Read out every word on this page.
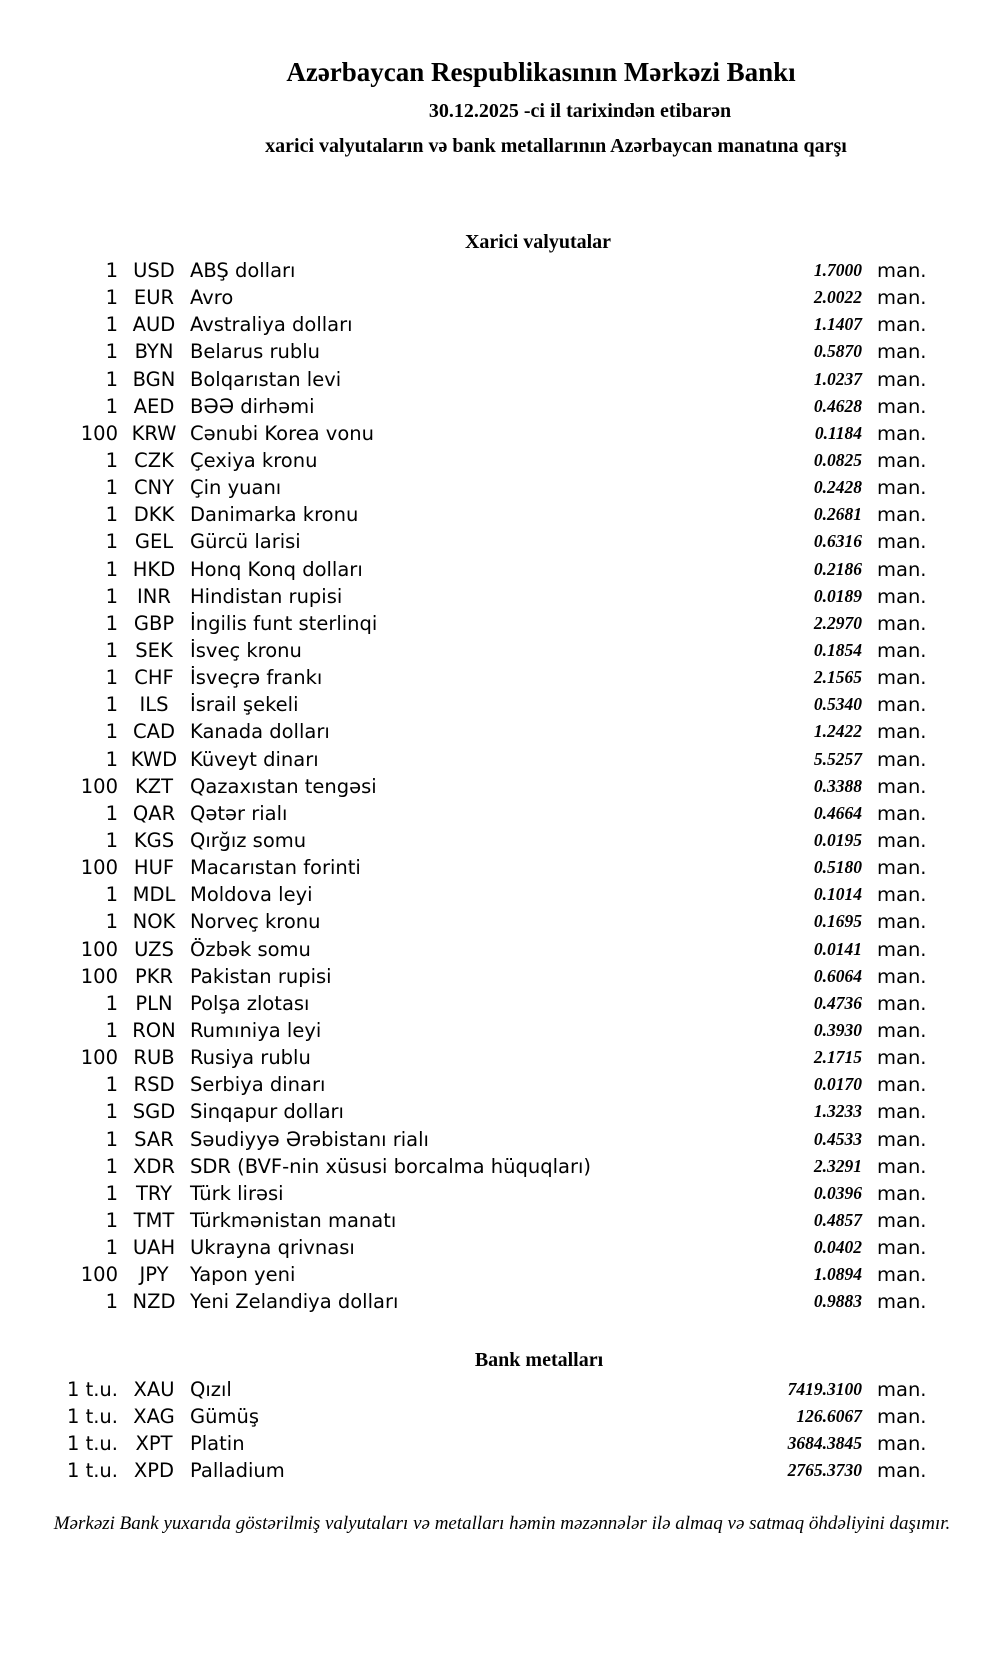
Azərbaycan Respublikasının Mərkəzi Bankı
30.12.2025 -ci il tarixindən etibarən
xarici valyutaların və bank metallarının Azərbaycan manatına qarşı
Xarici valyutalar
1 USD ABŞ dolları	1.7000 man.
1 EUR Avro	2.0022 man.
1 AUD Avstraliya dolları	1.1407 man.
1 BYN Belarus rublu	0.5870 man.
1 BGN Bolqarıstan levi	1.0237 man.
1 AED BƏƏ dirhəmi	0.4628 man.
100 KRW Cənubi Korea vonu	0.1184 man.
1 CZK Çexiya kronu	0.0825 man.
1 CNY Çin yuanı	0.2428 man.
1 DKK Danimarka kronu	0.2681 man.
1 GEL Gürcü larisi	0.6316 man.
1 HKD Honq Konq dolları	0.2186 man.
1 INR Hindistan rupisi	0.0189 man.
1 GBP İngilis funt sterlinqi	2.2970 man.
1 SEK İsveç kronu	0.1854 man.
1 CHF İsveçrə frankı	2.1565 man.
1	ILS	İsrail şekeli	0.5340 man.
1 CAD Kanada dolları	1.2422 man.
1 KWD Küveyt dinarı	5.5257 man.
100 KZT Qazaxıstan tengəsi	0.3388 man.
1 QAR Qətər rialı	0.4664 man.
1 KGS Qırğız somu	0.0195 man.
100 HUF Macarıstan forinti	0.5180 man.
1 MDL Moldova leyi	0.1014 man.
1 NOK Norveç kronu	0.1695 man.
100 UZS Özbək somu	0.0141 man.
100 PKR Pakistan rupisi	0.6064 man.
1 PLN Polşa zlotası	0.4736 man.
1 RON Rumıniya leyi	0.3930 man.
100 RUB Rusiya rublu	2.1715 man.
1 RSD Serbiya dinarı	0.0170 man.
1 SGD Sinqapur dolları	1.3233 man.
1 SAR Səudiyyə Ərəbistanı rialı	0.4533 man.
1 XDR SDR (BVF-nin xüsusi borcalma hüquqları)	2.3291 man.
1 TRY Türk lirəsi	0.0396 man.
1 TMT Türkmənistan manatı	0.4857 man.
1 UAH Ukrayna qrivnası	0.0402 man.
100	JPY	Yapon yeni	1.0894 man.
1 NZD Yeni Zelandiya dolları	0.9883 man.
Bank metalları
1 t.u. XAU Qızıl	7419.3100 man.
1 t.u. XAG Gümüş	126.6067 man.
1 t.u. XPT Platin	3684.3845 man.
1 t.u. XPD Palladium	2765.3730 man.
Mərkəzi Bank yuxarıda göstərilmiş valyutaları və metalları həmin məzənnələr ilə almaq və satmaq öhdəliyini daşımır.
